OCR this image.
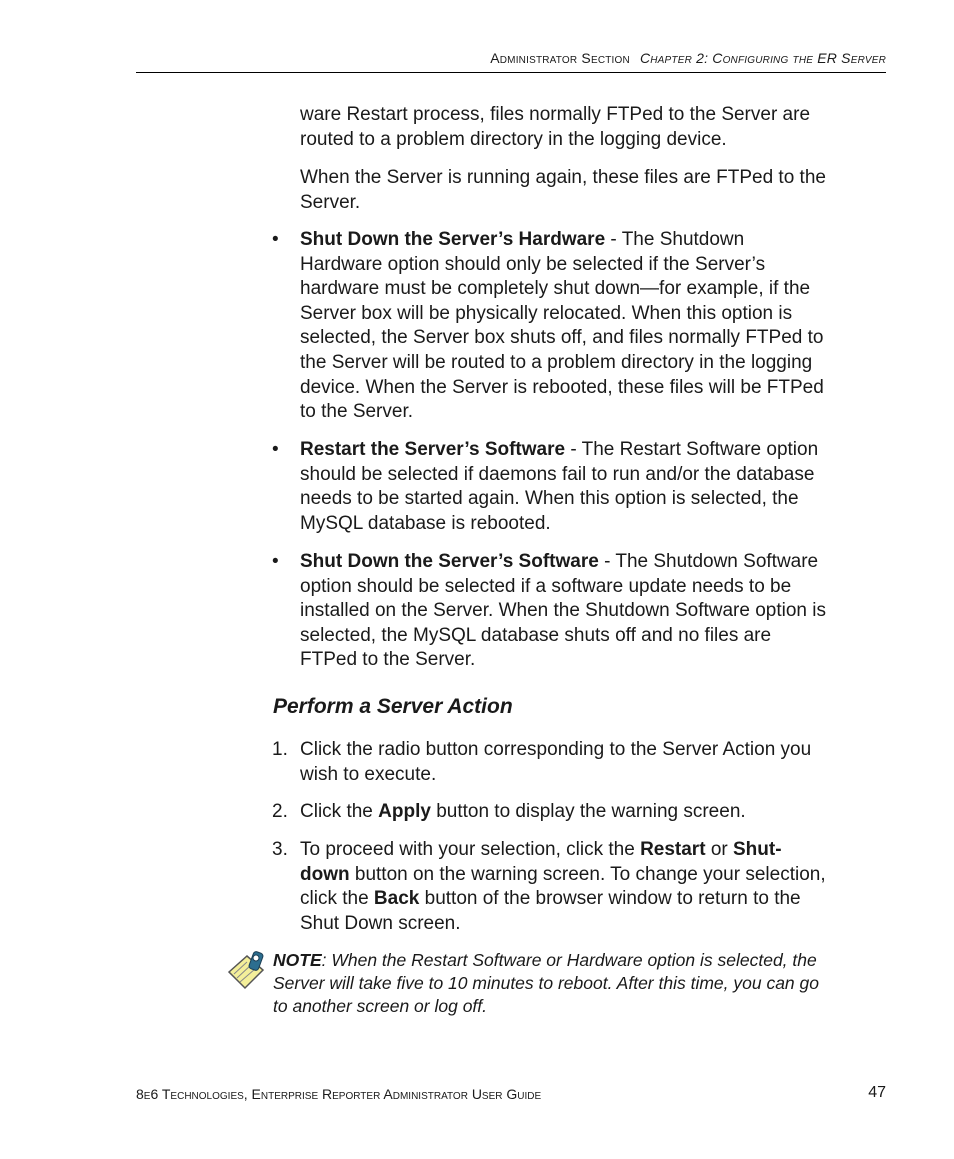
Administrator Section Chapter 2: Configuring the ER Server

ware Restart process, files normally FTPed to the Server are routed to a problem directory in the logging device.

When the Server is running again, these files are FTPed to the Server.

• Shut Down the Server’s Hardware - The Shutdown Hardware option should only be selected if the Server’s hardware must be completely shut down—for example, if the Server box will be physically relocated. When this option is selected, the Server box shuts off, and files normally FTPed to the Server will be routed to a problem directory in the logging device. When the Server is rebooted, these files will be FTPed to the Server.

• Restart the Server’s Software - The Restart Software option should be selected if daemons fail to run and/or the database needs to be started again. When this option is selected, the MySQL database is rebooted.

• Shut Down the Server’s Software - The Shutdown Software option should be selected if a software update needs to be installed on the Server. When the Shutdown Software option is selected, the MySQL database shuts off and no files are FTPed to the Server.

Perform a Server Action
1. Click the radio button corresponding to the Server Action you wish to execute.

2. Click the Apply button to display the warning screen.

3. To proceed with your selection, click the Restart or Shut-down button on the warning screen. To change your selection, click the Back button of the browser window to return to the Shut Down screen.

NOTE: When the Restart Software or Hardware option is selected, the Server will take five to 10 minutes to reboot. After this time, you can go to another screen or log off.

8e6 Technologies, Enterprise Reporter Administrator User Guide	47
